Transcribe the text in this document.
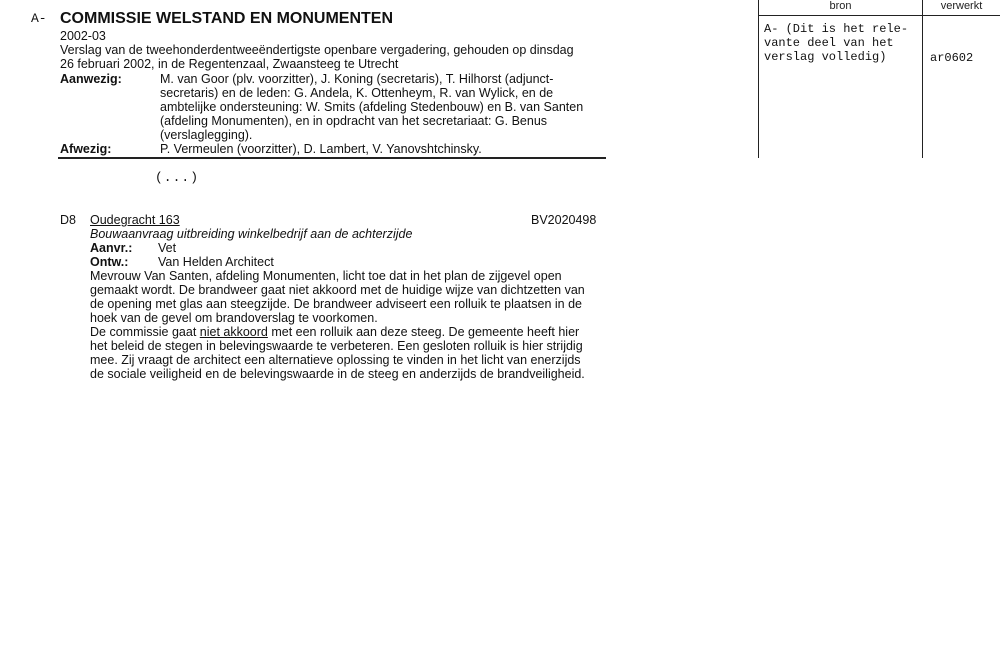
A- COMMISSIE WELSTAND EN MONUMENTEN
2002-03
Verslag van de tweehonderdentweeëndertigste openbare vergadering, gehouden op dinsdag
26 februari 2002, in de Regentenzaal, Zwaansteeg te Utrecht
Aanwezig:	M. van Goor (plv. voorzitter), J. Koning (secretaris), T. Hilhorst (adjunct-
secretaris) en de leden: G. Andela, K. Ottenheym, R. van Wylick, en de
ambtelijke ondersteuning: W. Smits (afdeling Stedenbouw) en B. van Santen
(afdeling Monumenten), en in opdracht van het secretariaat: G. Benus
(verslaglegging).
Afwezig:	P. Vermeulen (voorzitter), D. Lambert, V. Yanovshtchinsky.
(...)
D8 Oudegracht 163	BV2020498
Bouwaanvraag uitbreiding winkelbedrijf aan de achterzijde
Aanvr.: Vet
Ontw.: Van Helden Architect
Mevrouw Van Santen, afdeling Monumenten, licht toe dat in het plan de zijgevel open
gemaakt wordt. De brandweer gaat niet akkoord met de huidige wijze van dichtzetten van
de opening met glas aan steegzijde. De brandweer adviseert een rolluik te plaatsen in de
hoek van de gevel om brandoverslag te voorkomen.
De commissie gaat niet akkoord met een rolluik aan deze steeg. De gemeente heeft hier
het beleid de stegen in belevingswaarde te verbeteren. Een gesloten rolluik is hier strijdig
mee. Zij vraagt de architect een alternatieve oplossing te vinden in het licht van enerzijds
de sociale veiligheid en de belevingswaarde in de steeg en anderzijds de brandveiligheid.
bron	verwerkt
A- (Dit is het rele-
vante deel van het
verslag volledig)	ar0602
